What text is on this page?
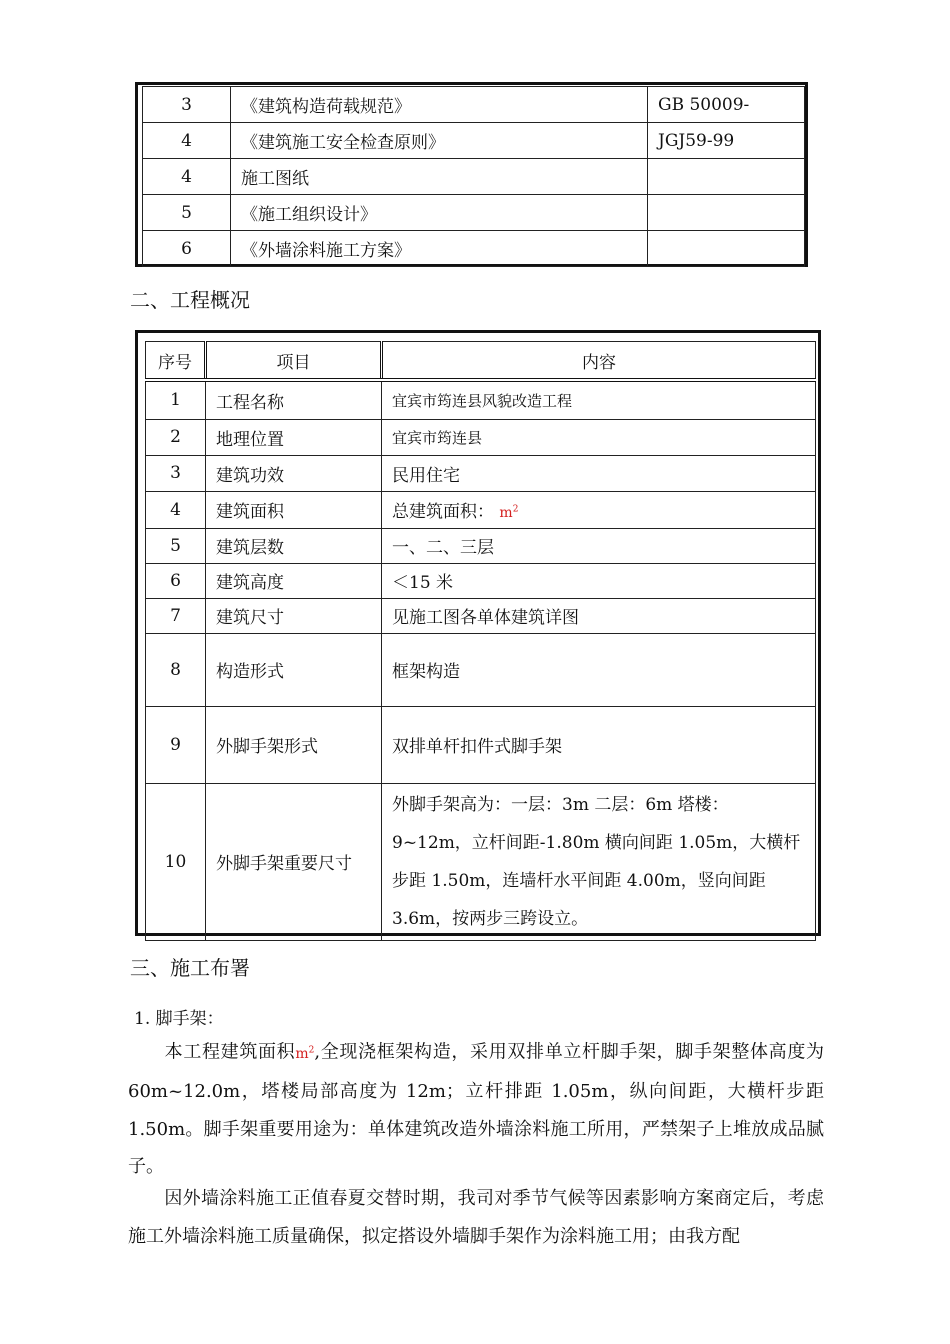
3	《建筑构造荷载规范》	GB 50009-
4	《建筑施工安全检查原则》	JGJ59-99
4	施工图纸	
5	《施工组织设计》	
6	《外墙涂料施工方案》	
二、工程概况
序号	项目	内容
1	工程名称	宜宾市筠连县风貌改造工程
2	地理位置	宜宾市筠连县
3	建筑功效	民用住宅
4	建筑面积	总建筑面积： $m^2$
5	建筑层数	一、二、三层
6	建筑高度	＜15 米
7	建筑尺寸	见施工图各单体建筑详图
8	构造形式	框架构造
9	外脚手架形式	双排单杆扣件式脚手架
10	外脚手架重要尺寸	外脚手架高为：一层：3m 二层：6m 塔楼：9~12m，立杆间距-1.80m 横向间距 1.05m，大横杆步距 1.50m，连墙杆水平间距 4.00m，竖向间距 3.6m，按两步三跨设立。
三、施工布署
1. 脚手架：

本工程建筑面积$m^2$,全现浇框架构造，采用双排单立杆脚手架，脚手架整体高度为 60m~12.0m，塔楼局部高度为 12m；立杆排距 1.05m，纵向间距，大横杆步距 1.50m。脚手架重要用途为：单体建筑改造外墙涂料施工所用，严禁架子上堆放成品腻子。

因外墙涂料施工正值春夏交替时期，我司对季节气候等因素影响方案商定后，考虑施工外墙涂料施工质量确保，拟定搭设外墙脚手架作为涂料施工用；由我方配
